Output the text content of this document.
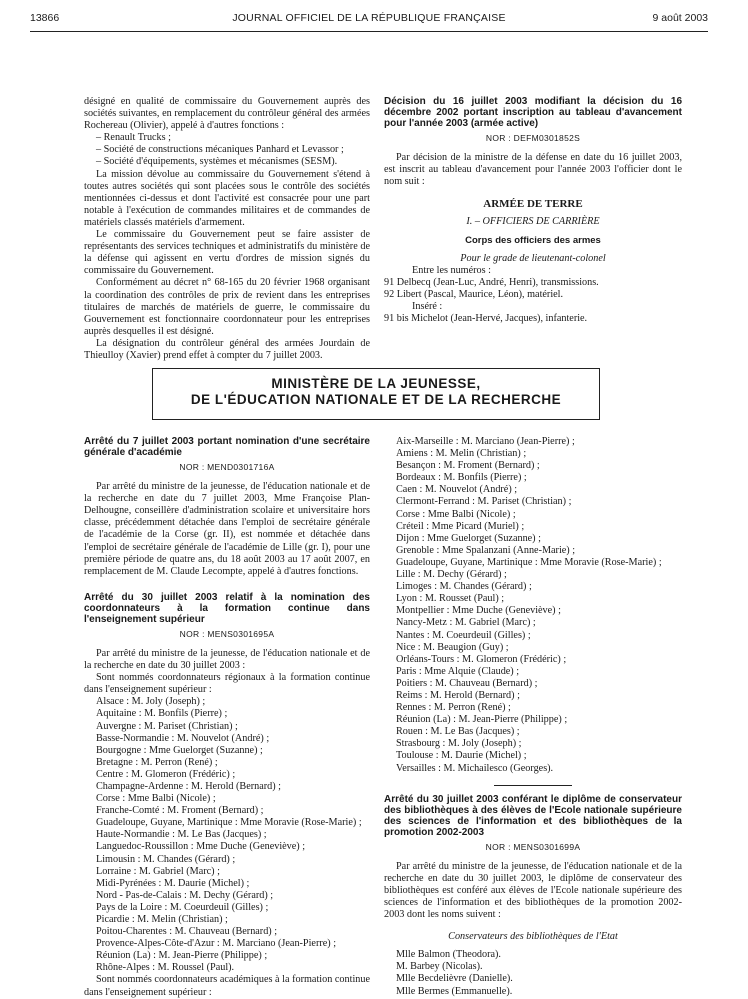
13866	JOURNAL OFFICIEL DE LA RÉPUBLIQUE FRANÇAISE	9 août 2003

désigné en qualité de commissaire du Gouvernement auprès des sociétés suivantes, en remplacement du contrôleur général des armées Rochereau (Olivier), appelé à d'autres fonctions :

– Renault Trucks ;

– Société de constructions mécaniques Panhard et Levassor ;

– Société d'équipements, systèmes et mécanismes (SESM).

La mission dévolue au commissaire du Gouvernement s'étend à toutes autres sociétés qui sont placées sous le contrôle des sociétés mentionnées ci-dessus et dont l'activité est consacrée pour une part notable à l'exécution de commandes militaires et de commandes de matériels classés matériels d'armement.

Le commissaire du Gouvernement peut se faire assister de représentants des services techniques et administratifs du ministère de la défense qui agissent en vertu d'ordres de mission signés du commissaire du Gouvernement.

Conformément au décret n° 68-165 du 20 février 1968 organisant la coordination des contrôles de prix de revient dans les entreprises titulaires de marchés de matériels de guerre, le commissaire du Gouvernement est fonctionnaire coordonnateur pour les entreprises auprès desquelles il est désigné.

La désignation du contrôleur général des armées Jourdain de Thieulloy (Xavier) prend effet à compter du 7 juillet 2003.

Décision du 16 juillet 2003 modifiant la décision du 16 décembre 2002 portant inscription au tableau d'avancement pour l'année 2003 (armée active)

NOR : DEFM0301852S

Par décision de la ministre de la défense en date du 16 juillet 2003, est inscrit au tableau d'avancement pour l'année 2003 l'officier dont le nom suit :

ARMÉE DE TERRE

I. – OFFICIERS DE CARRIÈRE

Corps des officiers des armes

Pour le grade de lieutenant-colonel

Entre les numéros :

91 Delbecq (Jean-Luc, André, Henri), transmissions.

92 Libert (Pascal, Maurice, Léon), matériel.

Inséré :

91 bis Michelot (Jean-Hervé, Jacques), infanterie.

MINISTÈRE DE LA JEUNESSE,
DE L'ÉDUCATION NATIONALE ET DE LA RECHERCHE

Arrêté du 7 juillet 2003 portant nomination d'une secrétaire générale d'académie

NOR : MEND0301716A

Par arrêté du ministre de la jeunesse, de l'éducation nationale et de la recherche en date du 7 juillet 2003, Mme Françoise Plan-Delhougne, conseillère d'administration scolaire et universitaire hors classe, précédemment détachée dans l'emploi de secrétaire générale de l'académie de la Corse (gr. II), est nommée et détachée dans l'emploi de secrétaire générale de l'académie de Lille (gr. I), pour une première période de quatre ans, du 18 août 2003 au 17 août 2007, en remplacement de M. Claude Lecompte, appelé à d'autres fonctions.

Arrêté du 30 juillet 2003 relatif à la nomination des coordonnateurs à la formation continue dans l'enseignement supérieur

NOR : MENS0301695A

Par arrêté du ministre de la jeunesse, de l'éducation nationale et de la recherche en date du 30 juillet 2003 :

Sont nommés coordonnateurs régionaux à la formation continue dans l'enseignement supérieur :

Alsace : M. Joly (Joseph) ;

Aquitaine : M. Bonfils (Pierre) ;

Auvergne : M. Pariset (Christian) ;

Basse-Normandie : M. Nouvelot (André) ;

Bourgogne : Mme Guelorget (Suzanne) ;

Bretagne : M. Perron (René) ;

Centre : M. Glomeron (Frédéric) ;

Champagne-Ardenne : M. Herold (Bernard) ;

Corse : Mme Balbi (Nicole) ;

Franche-Comté : M. Froment (Bernard) ;

Guadeloupe, Guyane, Martinique : Mme Moravie (Rose-Marie) ;

Haute-Normandie : M. Le Bas (Jacques) ;

Languedoc-Roussillon : Mme Duche (Geneviève) ;

Limousin : M. Chandes (Gérard) ;

Lorraine : M. Gabriel (Marc) ;

Midi-Pyrénées : M. Daurie (Michel) ;

Nord - Pas-de-Calais : M. Dechy (Gérard) ;

Pays de la Loire : M. Coeurdeuil (Gilles) ;

Picardie : M. Melin (Christian) ;

Poitou-Charentes : M. Chauveau (Bernard) ;

Provence-Alpes-Côte-d'Azur : M. Marciano (Jean-Pierre) ;

Réunion (La) : M. Jean-Pierre (Philippe) ;

Rhône-Alpes : M. Roussel (Paul).

Sont nommés coordonnateurs académiques à la formation continue dans l'enseignement supérieur :

Aix-Marseille : M. Marciano (Jean-Pierre) ;

Amiens : M. Melin (Christian) ;

Besançon : M. Froment (Bernard) ;

Bordeaux : M. Bonfils (Pierre) ;

Caen : M. Nouvelot (André) ;

Clermont-Ferrand : M. Pariset (Christian) ;

Corse : Mme Balbi (Nicole) ;

Créteil : Mme Picard (Muriel) ;

Dijon : Mme Guelorget (Suzanne) ;

Grenoble : Mme Spalanzani (Anne-Marie) ;

Guadeloupe, Guyane, Martinique : Mme Moravie (Rose-Marie) ;

Lille : M. Dechy (Gérard) ;

Limoges : M. Chandes (Gérard) ;

Lyon : M. Rousset (Paul) ;

Montpellier : Mme Duche (Geneviève) ;

Nancy-Metz : M. Gabriel (Marc) ;

Nantes : M. Coeurdeuil (Gilles) ;

Nice : M. Beaugion (Guy) ;

Orléans-Tours : M. Glomeron (Frédéric) ;

Paris : Mme Alquie (Claude) ;

Poitiers : M. Chauveau (Bernard) ;

Reims : M. Herold (Bernard) ;

Rennes : M. Perron (René) ;

Réunion (La) : M. Jean-Pierre (Philippe) ;

Rouen : M. Le Bas (Jacques) ;

Strasbourg : M. Joly (Joseph) ;

Toulouse : M. Daurie (Michel) ;

Versailles : M. Michailesco (Georges).

Arrêté du 30 juillet 2003 conférant le diplôme de conservateur des bibliothèques à des élèves de l'Ecole nationale supérieure des sciences de l'information et des bibliothèques de la promotion 2002-2003

NOR : MENS0301699A

Par arrêté du ministre de la jeunesse, de l'éducation nationale et de la recherche en date du 30 juillet 2003, le diplôme de conservateur des bibliothèques est conféré aux élèves de l'Ecole nationale supérieure des sciences de l'information et des bibliothèques de la promotion 2002-2003 dont les noms suivent :

Conservateurs des bibliothèques de l'Etat

Mlle Balmon (Theodora).

M. Barbey (Nicolas).

Mlle Becdelièvre (Danielle).

Mlle Bermes (Emmanuelle).
